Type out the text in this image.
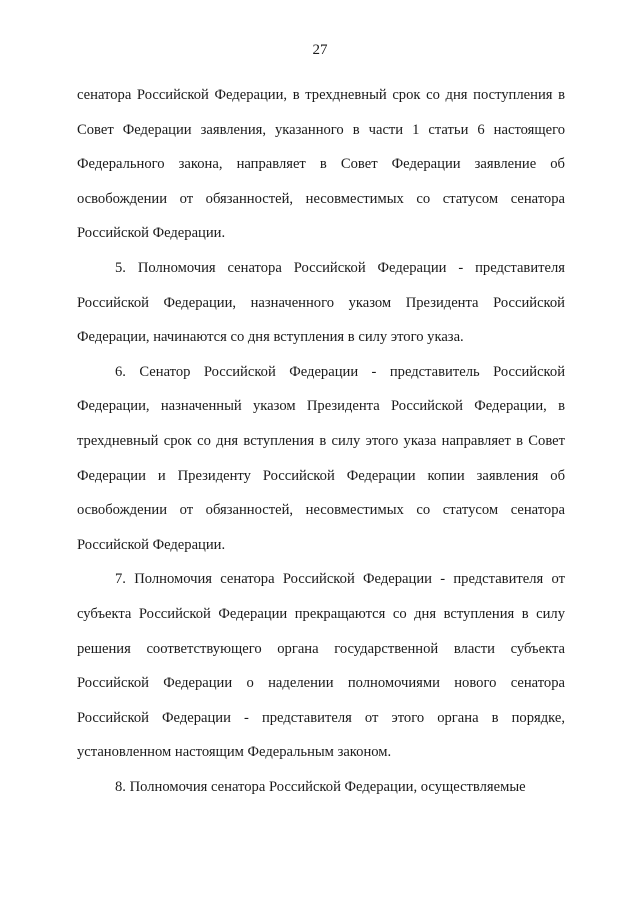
27

сенатора Российской Федерации, в трехдневный срок со дня поступления в Совет Федерации заявления, указанного в части 1 статьи 6 настоящего Федерального закона, направляет в Совет Федерации заявление об освобождении от обязанностей, несовместимых со статусом сенатора Российской Федерации.

5. Полномочия сенатора Российской Федерации - представителя Российской Федерации, назначенного указом Президента Российской Федерации, начинаются со дня вступления в силу этого указа.

6. Сенатор Российской Федерации - представитель Российской Федерации, назначенный указом Президента Российской Федерации, в трехдневный срок со дня вступления в силу этого указа направляет в Совет Федерации и Президенту Российской Федерации копии заявления об освобождении от обязанностей, несовместимых со статусом сенатора Российской Федерации.

7. Полномочия сенатора Российской Федерации - представителя от субъекта Российской Федерации прекращаются со дня вступления в силу решения соответствующего органа государственной власти субъекта Российской Федерации о наделении полномочиями нового сенатора Российской Федерации - представителя от этого органа в порядке, установленном настоящим Федеральным законом.

8. Полномочия сенатора Российской Федерации, осуществляемые
